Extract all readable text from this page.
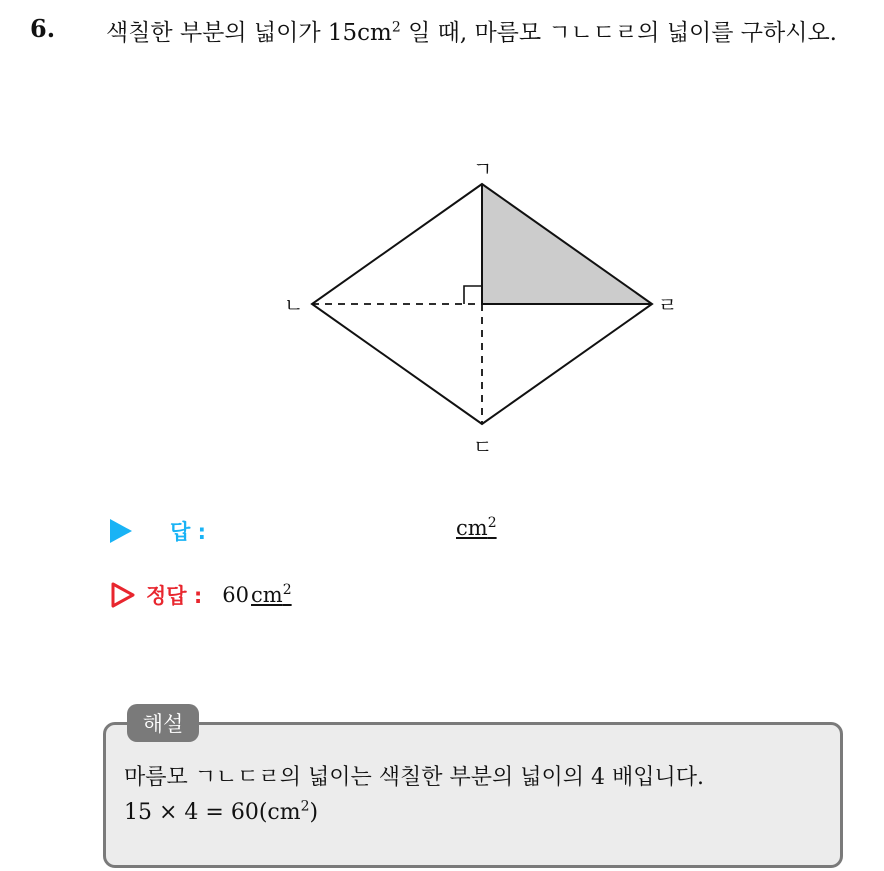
6. 색칠한 부분의 넓이가 $15cm^2$ 일 때, 마름모 ㄱㄴㄷㄹ의 넓이를 구하시오.
ㄱ
ㄴ
ㄷ
ㄹ
답 :	$cm^2$
정답 : $60cm^2$
해설
마름모 ㄱㄴㄷㄹ의 넓이는 색칠한 부분의 넓이의 4 배입니다.
$15 \times 4 = 60(cm^2)$
